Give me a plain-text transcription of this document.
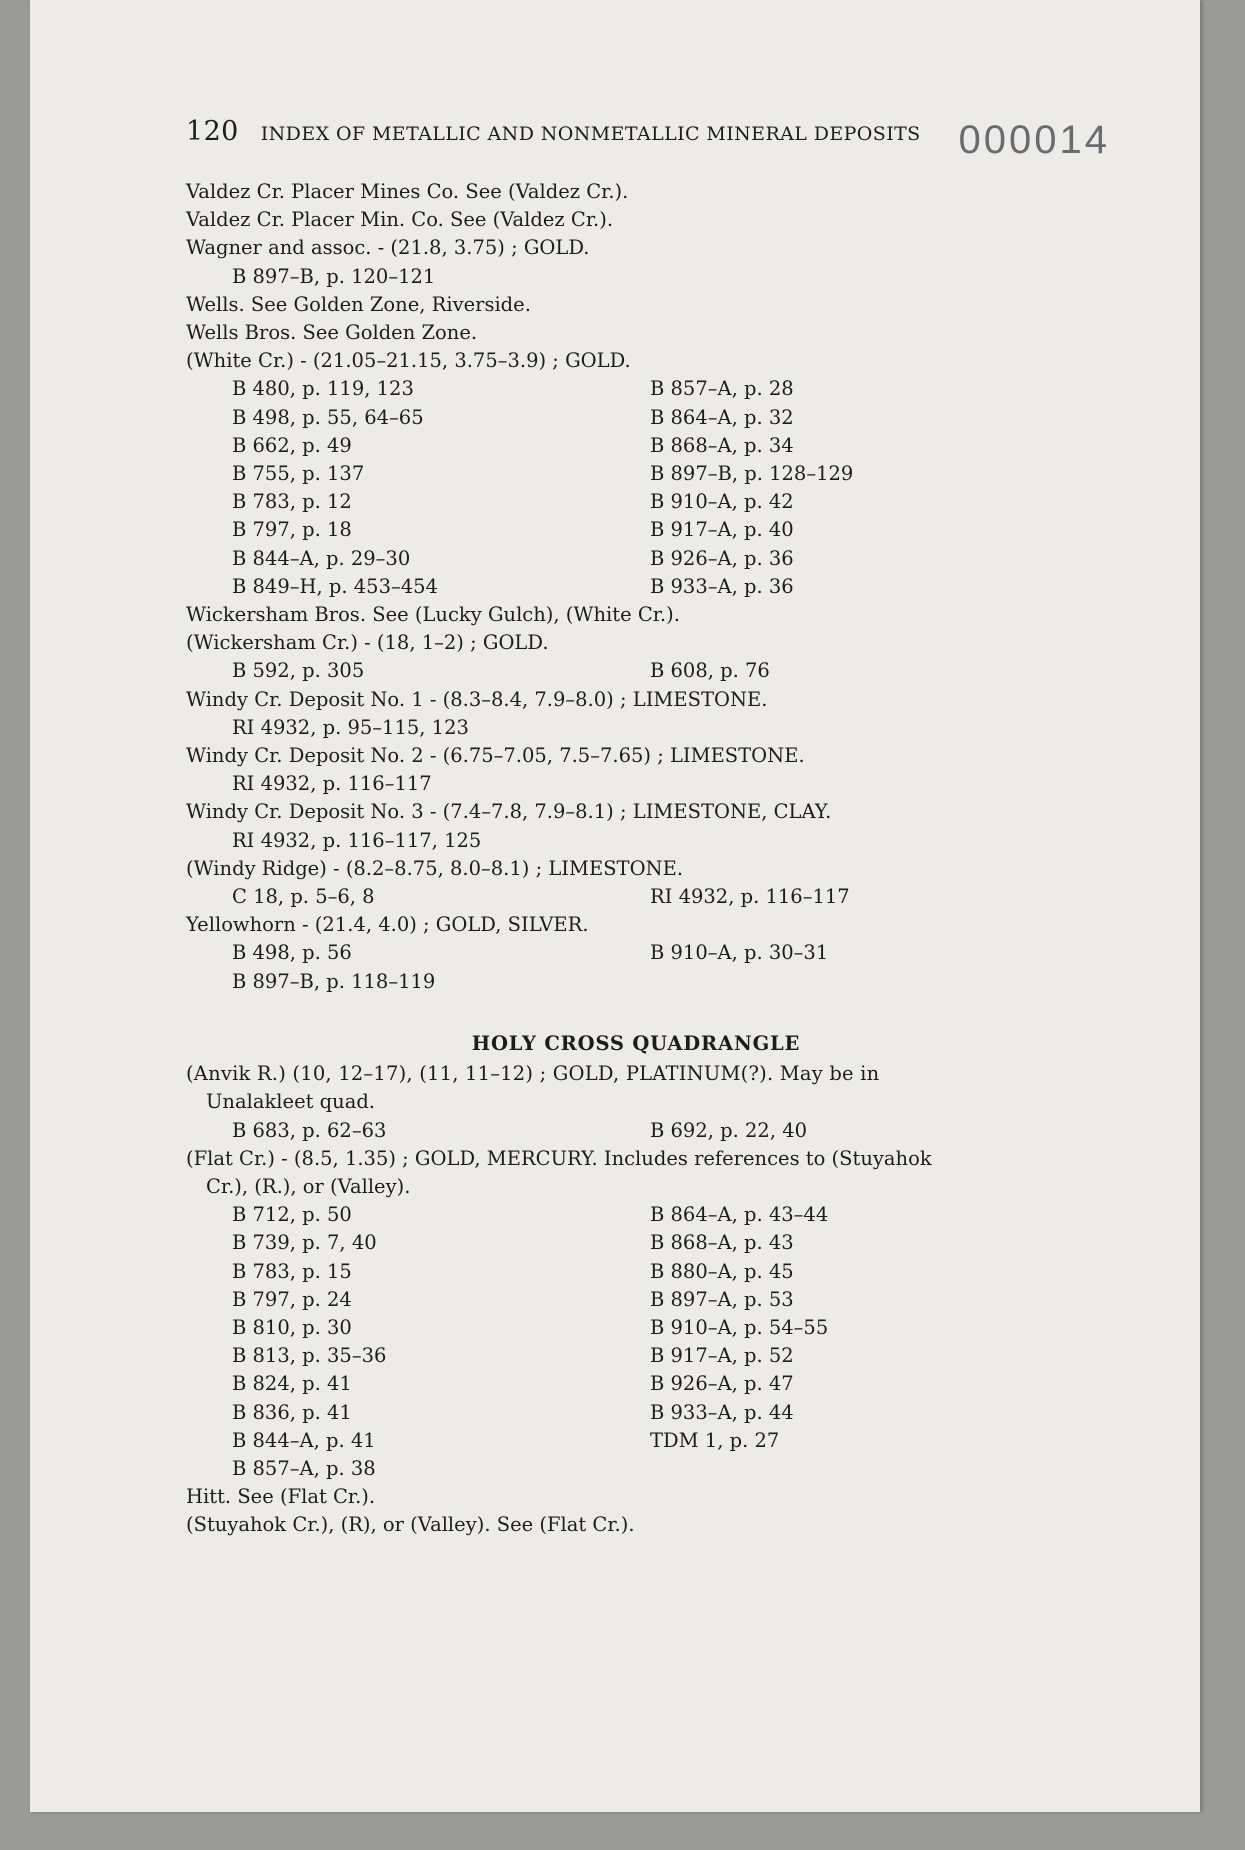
000014
120 INDEX OF METALLIC AND NONMETALLIC MINERAL DEPOSITS
Valdez Cr. Placer Mines Co. See (Valdez Cr.).
Valdez Cr. Placer Min. Co. See (Valdez Cr.).
Wagner and assoc. - (21.8, 3.75) ; GOLD.
B 897–B, p. 120–121
Wells. See Golden Zone, Riverside.
Wells Bros. See Golden Zone.
(White Cr.) - (21.05–21.15, 3.75–3.9) ; GOLD.
B 480, p. 119, 123	B 857–A, p. 28
B 498, p. 55, 64–65	B 864–A, p. 32
B 662, p. 49	B 868–A, p. 34
B 755, p. 137	B 897–B, p. 128–129
B 783, p. 12	B 910–A, p. 42
B 797, p. 18	B 917–A, p. 40
B 844–A, p. 29–30	B 926–A, p. 36
B 849–H, p. 453–454	B 933–A, p. 36
Wickersham Bros. See (Lucky Gulch), (White Cr.).
(Wickersham Cr.) - (18, 1–2) ; GOLD.
B 592, p. 305	B 608, p. 76
Windy Cr. Deposit No. 1 - (8.3–8.4, 7.9–8.0) ; LIMESTONE.
RI 4932, p. 95–115, 123
Windy Cr. Deposit No. 2 - (6.75–7.05, 7.5–7.65) ; LIMESTONE.
RI 4932, p. 116–117
Windy Cr. Deposit No. 3 - (7.4–7.8, 7.9–8.1) ; LIMESTONE, CLAY.
RI 4932, p. 116–117, 125
(Windy Ridge) - (8.2–8.75, 8.0–8.1) ; LIMESTONE.
C 18, p. 5–6, 8	RI 4932, p. 116–117
Yellowhorn - (21.4, 4.0) ; GOLD, SILVER.
B 498, p. 56	B 910–A, p. 30–31
B 897–B, p. 118–119
HOLY CROSS QUADRANGLE
(Anvik R.) (10, 12–17), (11, 11–12) ; GOLD, PLATINUM(?). May be in
Unalakleet quad.
B 683, p. 62–63	B 692, p. 22, 40
(Flat Cr.) - (8.5, 1.35) ; GOLD, MERCURY. Includes references to (Stuyahok
Cr.), (R.), or (Valley).
B 712, p. 50	B 864–A, p. 43–44
B 739, p. 7, 40	B 868–A, p. 43
B 783, p. 15	B 880–A, p. 45
B 797, p. 24	B 897–A, p. 53
B 810, p. 30	B 910–A, p. 54–55
B 813, p. 35–36	B 917–A, p. 52
B 824, p. 41	B 926–A, p. 47
B 836, p. 41	B 933–A, p. 44
B 844–A, p. 41	TDM 1, p. 27
B 857–A, p. 38
Hitt. See (Flat Cr.).
(Stuyahok Cr.), (R), or (Valley). See (Flat Cr.).
